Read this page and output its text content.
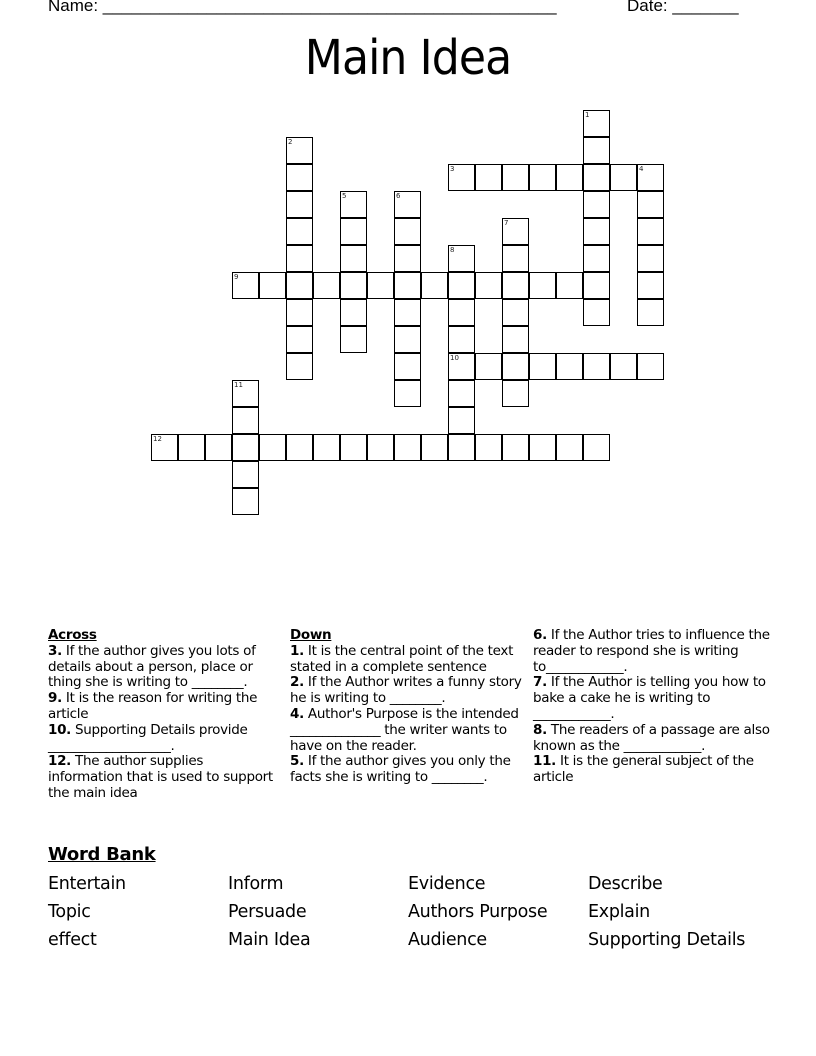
Name: ________________________________________________	Date: _______
Main Idea
1
2
3	4
5	6
7
8
10
9
11
12
Across
3. If the author gives you lots of details about a person, place or thing she is writing to ________.
9. It is the reason for writing the article
10. Supporting Details provide ___________________.
12. The author supplies information that is used to support the main idea
Down
1. It is the central point of the text stated in a complete sentence
2. If the Author writes a funny story he is writing to ________.
4. Author's Purpose is the intended ______________ the writer wants to have on the reader.
5. If the author gives you only the facts she is writing to ________.
6. If the Author tries to influence the reader to respond she is writing to____________.
7. If the Author is telling you how to bake a cake he is writing to ____________.
8. The readers of a passage are also known as the ____________.
11. It is the general subject of the article
Word Bank
Entertain	Inform	Evidence	Describe
Topic	Persuade	Authors Purpose	Explain
effect	Main Idea	Audience	Supporting Details
